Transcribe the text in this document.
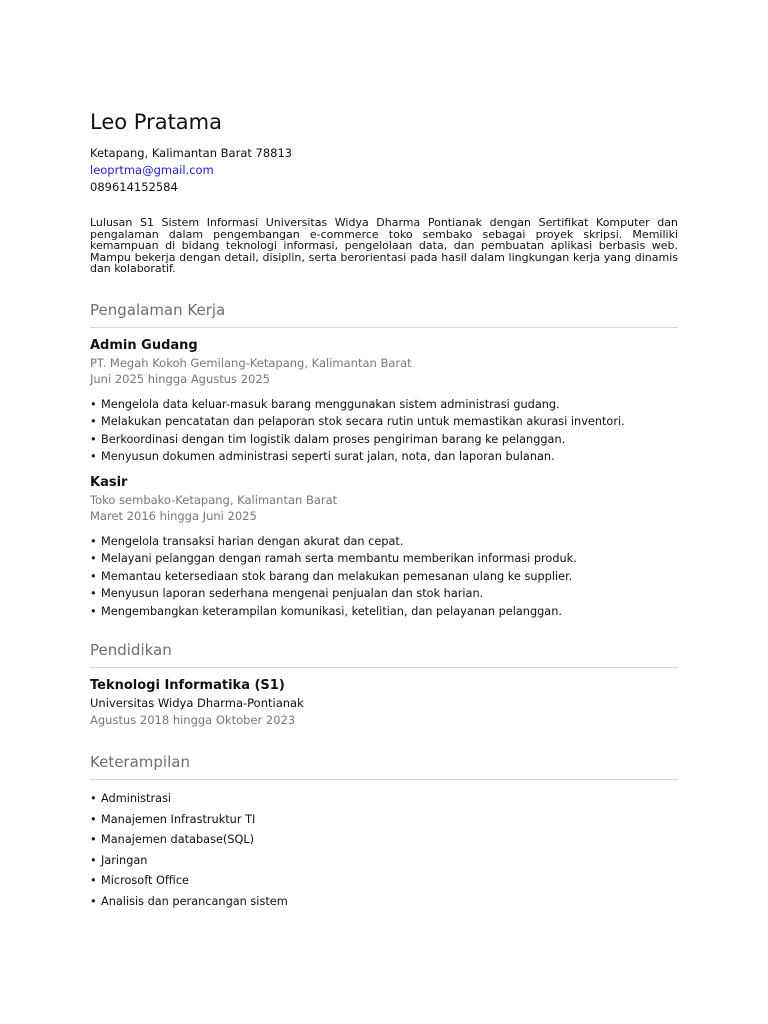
Leo Pratama

Ketapang, Kalimantan Barat 78813

leoprtma@gmail.com

089614152584

Lulusan S1 Sistem Informasi Universitas Widya Dharma Pontianak dengan Sertifikat Komputer dan pengalaman dalam pengembangan e-commerce toko sembako sebagai proyek skripsi. Memiliki kemampuan di bidang teknologi informasi, pengelolaan data, dan pembuatan aplikasi berbasis web. Mampu bekerja dengan detail, disiplin, serta berorientasi pada hasil dalam lingkungan kerja yang dinamis dan kolaboratif.

Pengalaman Kerja

Admin Gudang

PT. Megah Kokoh Gemilang-Ketapang, Kalimantan Barat

Juni 2025 hingga Agustus 2025

• Mengelola data keluar-masuk barang menggunakan sistem administrasi gudang.
• Melakukan pencatatan dan pelaporan stok secara rutin untuk memastikan akurasi inventori.
• Berkoordinasi dengan tim logistik dalam proses pengiriman barang ke pelanggan.
• Menyusun dokumen administrasi seperti surat jalan, nota, dan laporan bulanan.

Kasir

Toko sembako-Ketapang, Kalimantan Barat

Maret 2016 hingga Juni 2025

• Mengelola transaksi harian dengan akurat dan cepat.
• Melayani pelanggan dengan ramah serta membantu memberikan informasi produk.
• Memantau ketersediaan stok barang dan melakukan pemesanan ulang ke supplier.
• Menyusun laporan sederhana mengenai penjualan dan stok harian.
• Mengembangkan keterampilan komunikasi, ketelitian, dan pelayanan pelanggan.
Pendidikan

Teknologi Informatika (S1)

Universitas Widya Dharma-Pontianak

Agustus 2018 hingga Oktober 2023

Keterampilan
• Administrasi
• Manajemen Infrastruktur TI
• Manajemen database(SQL)
• Jaringan
• Microsoft Office
• Analisis dan perancangan sistem
